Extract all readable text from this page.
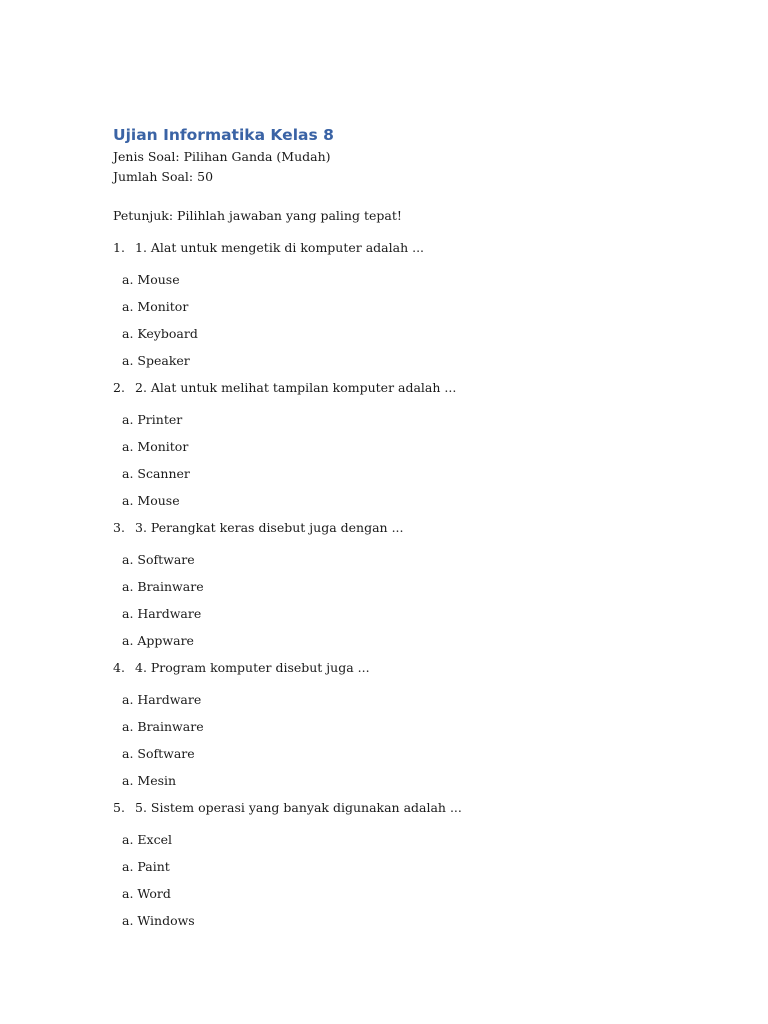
Ujian Informatika Kelas 8

Jenis Soal: Pilihan Ganda (Mudah)

Jumlah Soal: 50

Petunjuk: Pilihlah jawaban yang paling tepat!

1. 1. Alat untuk mengetik di komputer adalah ...

a. Mouse

a. Monitor

a. Keyboard

a. Speaker

2. 2. Alat untuk melihat tampilan komputer adalah ...

a. Printer

a. Monitor

a. Scanner

a. Mouse

3. 3. Perangkat keras disebut juga dengan ...

a. Software

a. Brainware

a. Hardware

a. Appware

4. 4. Program komputer disebut juga ...

a. Hardware

a. Brainware

a. Software

a. Mesin

5. 5. Sistem operasi yang banyak digunakan adalah ...

a. Excel

a. Paint

a. Word

a. Windows
